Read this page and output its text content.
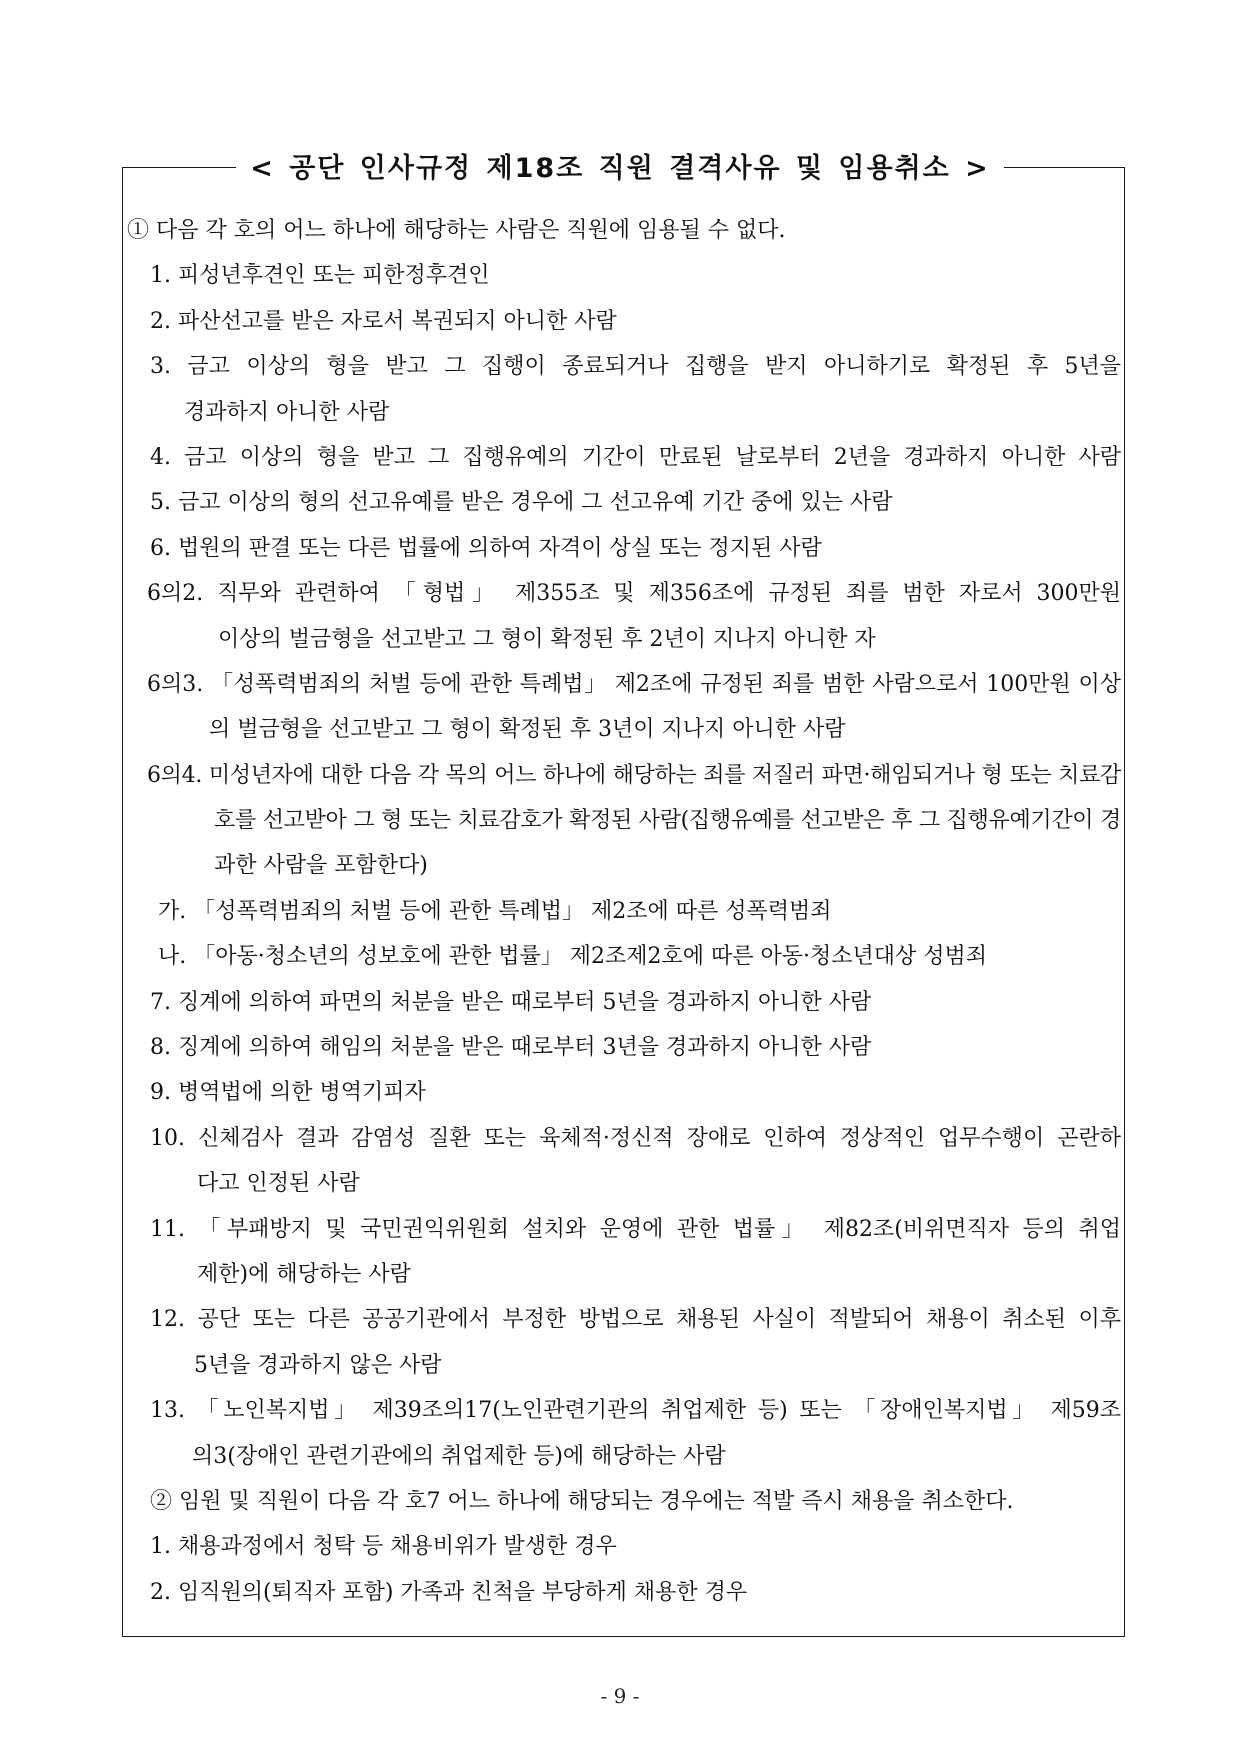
① 다음 각 호의 어느 하나에 해당하는 사람은 직원에 임용될 수 없다.
1. 피성년후견인 또는 피한정후견인
2. 파산선고를 받은 자로서 복권되지 아니한 사람
3. 금고 이상의 형을 받고 그 집행이 종료되거나 집행을 받지 아니하기로 확정된 후 5년을
경과하지 아니한 사람
4. 금고 이상의 형을 받고 그 집행유예의 기간이 만료된 날로부터 2년을 경과하지 아니한 사람
5. 금고 이상의 형의 선고유예를 받은 경우에 그 선고유예 기간 중에 있는 사람
6. 법원의 판결 또는 다른 법률에 의하여 자격이 상실 또는 정지된 사람
6의2. 직무와 관련하여 「형법」 제355조 및 제356조에 규정된 죄를 범한 자로서 300만원
이상의 벌금형을 선고받고 그 형이 확정된 후 2년이 지나지 아니한 자
6의3. 「성폭력범죄의 처벌 등에 관한 특례법」 제2조에 규정된 죄를 범한 사람으로서 100만원 이상
의 벌금형을 선고받고 그 형이 확정된 후 3년이 지나지 아니한 사람
6의4. 미성년자에 대한 다음 각 목의 어느 하나에 해당하는 죄를 저질러 파면·해임되거나 형 또는 치료감
호를 선고받아 그 형 또는 치료감호가 확정된 사람(집행유예를 선고받은 후 그 집행유예기간이 경
과한 사람을 포함한다)
가. 「성폭력범죄의 처벌 등에 관한 특례법」 제2조에 따른 성폭력범죄
나. 「아동·청소년의 성보호에 관한 법률」 제2조제2호에 따른 아동·청소년대상 성범죄
7. 징계에 의하여 파면의 처분을 받은 때로부터 5년을 경과하지 아니한 사람
8. 징계에 의하여 해임의 처분을 받은 때로부터 3년을 경과하지 아니한 사람
9. 병역법에 의한 병역기피자
10. 신체검사 결과 감염성 질환 또는 육체적·정신적 장애로 인하여 정상적인 업무수행이 곤란하
다고 인정된 사람
11. 「부패방지 및 국민권익위원회 설치와 운영에 관한 법률」 제82조(비위면직자 등의 취업
제한)에 해당하는 사람
12. 공단 또는 다른 공공기관에서 부정한 방법으로 채용된 사실이 적발되어 채용이 취소된 이후
5년을 경과하지 않은 사람
13. 「노인복지법」 제39조의17(노인관련기관의 취업제한 등) 또는 「장애인복지법」 제59조
의3(장애인 관련기관에의 취업제한 등)에 해당하는 사람
② 임원 및 직원이 다음 각 호7 어느 하나에 해당되는 경우에는 적발 즉시 채용을 취소한다.
1. 채용과정에서 청탁 등 채용비위가 발생한 경우
2. 임직원의(퇴직자 포함) 가족과 친척을 부당하게 채용한 경우
< 공단 인사규정 제18조 직원 결격사유 및 임용취소 >
- 9 -
